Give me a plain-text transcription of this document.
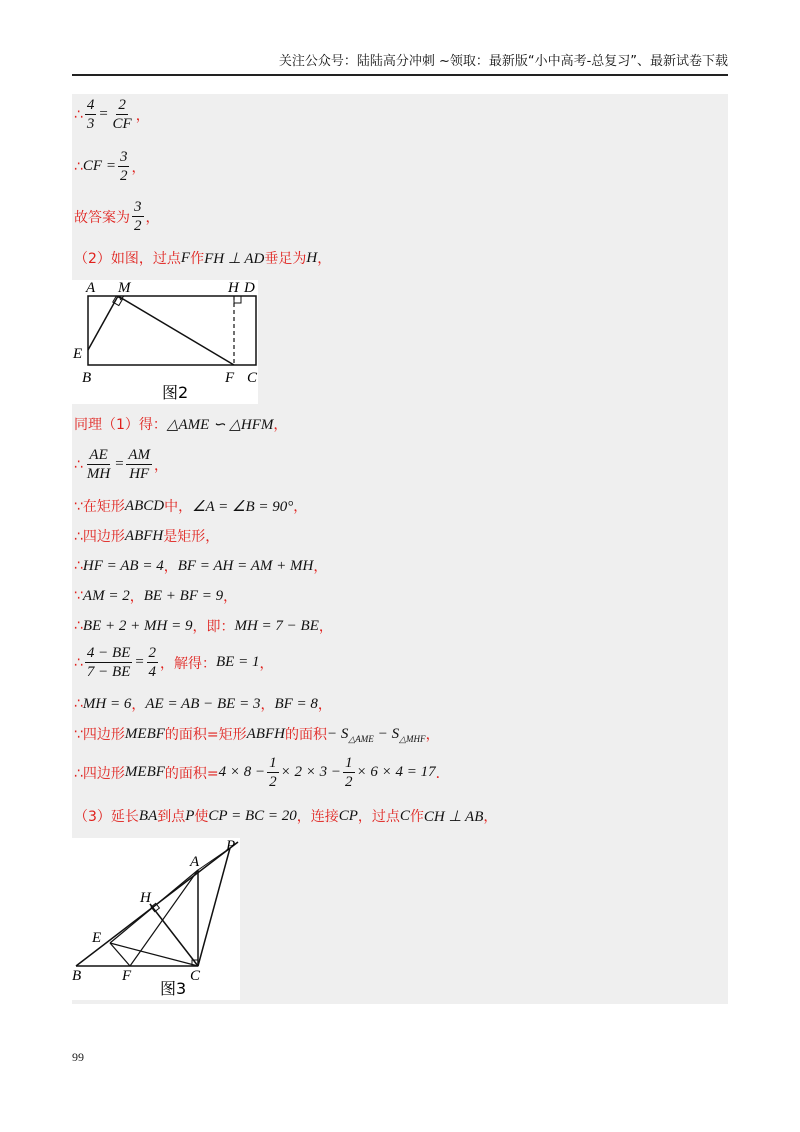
关注公众号：陆陆高分冲刺 ~领取：最新版“小中高考-总复习”、最新试卷下载
∴ $\frac{4}{3} = \frac{2}{CF}$ ，
∴ CF = $\frac{3}{2}$ ，
故答案为 $\frac{3}{2}$ ，
（2）如图，过点 F 作 FH ⊥ AD 垂足为 H ，
A M	H D
E
B	F C
图2
同理（1）得： △AME ∽ △HFM ，
∴ $\frac{AE}{MH} = \frac{AM}{HF}$ ，
∵在矩形 ABCD 中， ∠A = ∠B = 90° ，
∴四边形 ABFH 是矩形，
∴ HF = AB = 4 ， BF = AH = AM + MH ，
∵ AM = 2 ， BE + BF = 9 ，
∴ BE + 2 + MH = 9 ，即： MH = 7 − BE ，
∴ $\frac{4 - BE}{7 - BE} = \frac{2}{4}$ ，解得： BE = 1 ，
∴ MH = 6 ， AE = AB − BE = 3 ， BF = 8 ，
∵四边形 MEBF 的面积=矩形 ABFH 的面积 − S △AME − S △MHF ，
∴四边形 MEBF 的面积= $4 \times 8 - \frac{1}{2} \times 2 \times 3 - \frac{1}{2} \times 6 \times 4 = 17$ ．
（3）延长 BA 到点 P 使 CP = BC = 20 ，连接 CP ，过点 C 作 CH ⊥ AB ，
P
A
H
E
B	F	C
图3
99
